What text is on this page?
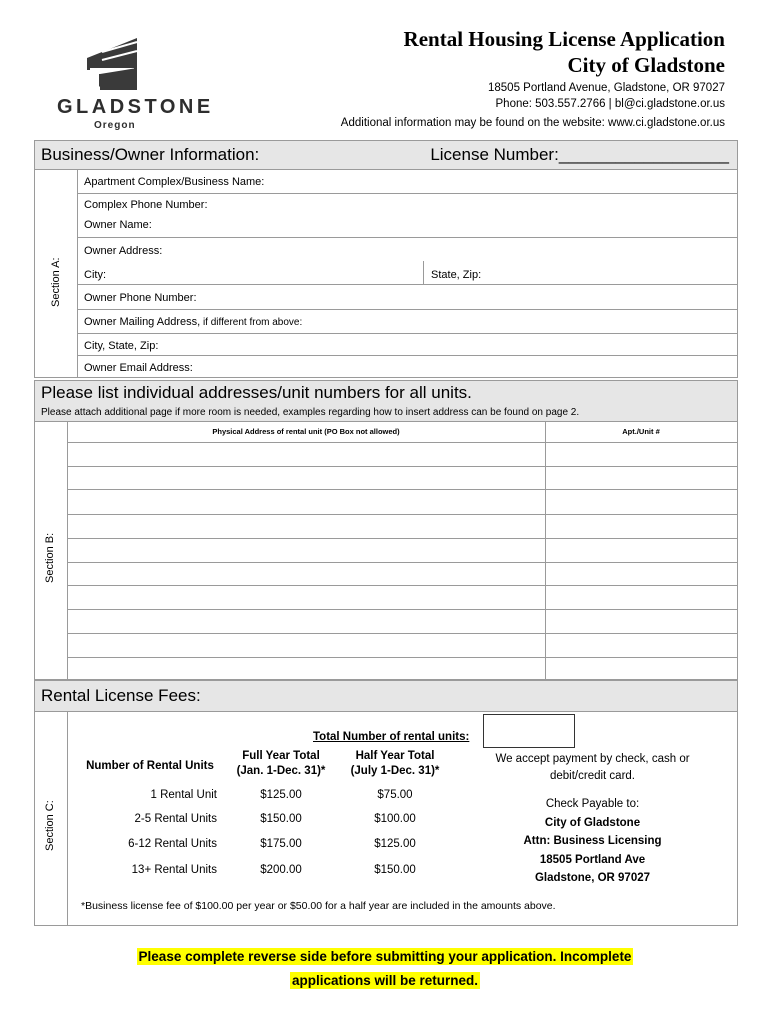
GLADSTONE
Oregon
Rental Housing License Application
City of Gladstone
18505 Portland Avenue, Gladstone, OR 97027
Phone: 503.557.2766 | bl@ci.gladstone.or.us
Additional information may be found on the website: www.ci.gladstone.or.us
Business/Owner Information:	License Number:__________________
Section A:
Apartment Complex/Business Name:
Complex Phone Number:
Owner Name:
Owner Address:
City:	State, Zip:
Owner Phone Number:
Owner Mailing Address, if different from above:
City, State, Zip:
Owner Email Address:
Please list individual addresses/unit numbers for all units.
Please attach additional page if more room is needed, examples regarding how to insert address can be found on page 2.
Section B:
Physical Address of rental unit (PO Box not allowed)	Apt./Unit #
Rental License Fees:
Section C:
Total Number of rental units:
Number of Rental Units
Full Year Total
(Jan. 1-Dec. 31)*
Half Year Total
(July 1-Dec. 31)*
1 Rental Unit	$125.00	$75.00
2-5 Rental Units	$150.00	$100.00
6-12 Rental Units	$175.00	$125.00
13+ Rental Units	$200.00	$150.00
We accept payment by check, cash or
debit/credit card.
Check Payable to:
City of Gladstone
Attn: Business Licensing
18505 Portland Ave
Gladstone, OR 97027
*Business license fee of $100.00 per year or $50.00 for a half year are included in the amounts above.
Please complete reverse side before submitting your application. Incomplete
applications will be returned.
